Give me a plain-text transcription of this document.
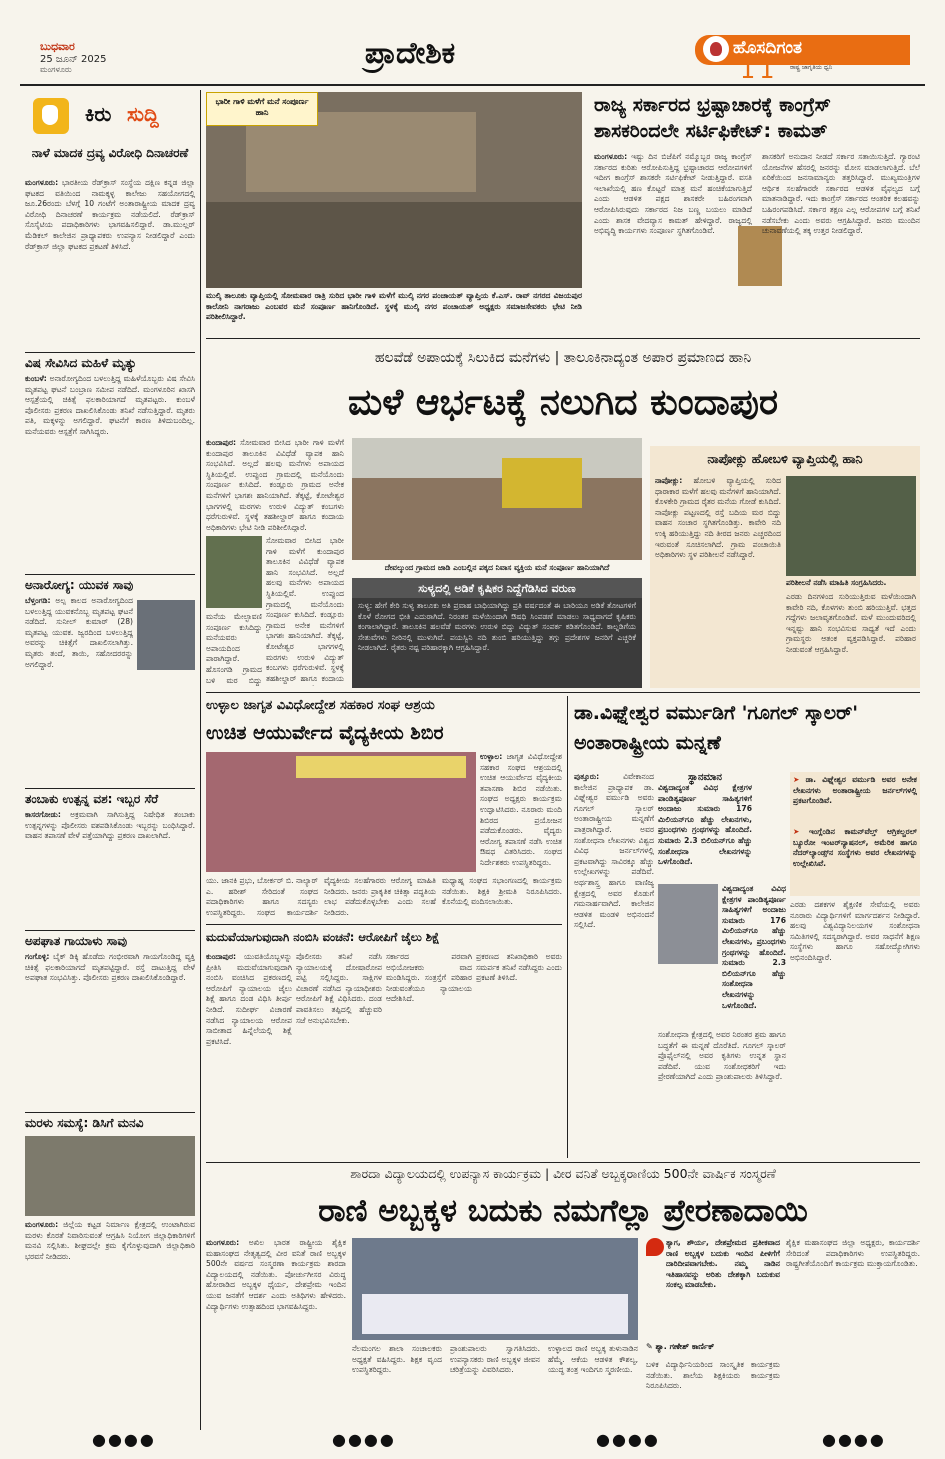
ಬುಧವಾರ
25 ಜೂನ್ 2025
ಮಂಗಳೂರು	ಪ್ರಾದೇಶಿಕ	ಹೊಸದಿಗಂತ
ರಾಷ್ಟ್ರ ಜಾಗೃತಿಯ ಧ್ವನಿ
11
ಕಿರು ಸುದ್ದಿ
ನಾಳೆ ಮಾದಕ ದ್ರವ್ಯ ವಿರೋಧಿ ದಿನಾಚರಣೆ
ಮಂಗಳೂರು: ಭಾರತೀಯ ರೆಡ್‌ಕ್ರಾಸ್ ಸಂಸ್ಥೆಯ ದಕ್ಷಿಣ ಕನ್ನಡ ಜಿಲ್ಲಾ ಘಟಕದ ವತಿಯಿಂದ ನಾಮಕ್ಕಳ್ಳ ಕಾಲೇಜು ಸಹಯೋಗದಲ್ಲಿ ಜೂ.26ರಂದು ಬೆಳಗ್ಗೆ 10 ಗಂಟೆಗೆ ಅಂತಾರಾಷ್ಟ್ರೀಯ ಮಾದಕ ದ್ರವ್ಯ ವಿರೋಧಿ ದಿನಾಚರಣೆ ಕಾರ್ಯಕ್ರಮ ನಡೆಯಲಿದೆ. ರೆಡ್‌ಕ್ರಾಸ್ ಸೊಸೈಟಿಯ ಪದಾಧಿಕಾರಿಗಳು ಭಾಗವಹಿಸಲಿದ್ದಾರೆ. ಡಾ.ಮುಲ್ಲರ್ ಮೆಡಿಕಲ್ ಕಾಲೇಜಿನ ಪ್ರಾಧ್ಯಾಪಕರು ಉಪನ್ಯಾಸ ನೀಡಲಿದ್ದಾರೆ ಎಂದು ರೆಡ್‌ಕ್ರಾಸ್ ಜಿಲ್ಲಾ ಘಟಕದ ಪ್ರಕಟಣೆ ತಿಳಿಸಿದೆ.
ವಿಷ ಸೇವಿಸಿದ ಮಹಿಳೆ ಮೃತ್ಯು
ಕುಂಬಳೆ: ಅನಾರೋಗ್ಯದಿಂದ ಬಳಲುತ್ತಿದ್ದ ಮಹಿಳೆಯೊಬ್ಬರು ವಿಷ ಸೇವಿಸಿ ಮೃತಪಟ್ಟ ಘಟನೆ ಬಂಬ್ರಾಣ ಸಮೀಪ ನಡೆದಿದೆ. ಮಂಗಳೂರಿನ ಖಾಸಗಿ ಆಸ್ಪತ್ರೆಯಲ್ಲಿ ಚಿಕಿತ್ಸೆ ಫಲಕಾರಿಯಾಗದೆ ಮೃತಪಟ್ಟರು. ಕುಂಬಳೆ ಪೊಲೀಸರು ಪ್ರಕರಣ ದಾಖಲಿಸಿಕೊಂಡು ತನಿಖೆ ನಡೆಸುತ್ತಿದ್ದಾರೆ. ಮೃತರು ಪತಿ, ಮಕ್ಕಳನ್ನು ಅಗಲಿದ್ದಾರೆ. ಘಟನೆಗೆ ಕಾರಣ ತಿಳಿದುಬಂದಿಲ್ಲ. ಮನೆಯವರು ಆಸ್ಪತ್ರೆಗೆ ಸಾಗಿಸಿದ್ದರು.
ಅನಾರೋಗ್ಯ: ಯುವಕ ಸಾವು
ಬೆಳ್ತಂಗಡಿ: ಅಲ್ಪ ಕಾಲದ ಅನಾರೋಗ್ಯದಿಂದ ಬಳಲುತ್ತಿದ್ದ ಯುವಕನೊಬ್ಬ ಮೃತಪಟ್ಟ ಘಟನೆ ನಡೆದಿದೆ. ಸುನೀಲ್ ಕುಮಾರ್ (28) ಮೃತಪಟ್ಟ ಯುವಕ. ಜ್ವರದಿಂದ ಬಳಲುತ್ತಿದ್ದ ಅವರನ್ನು ಚಿಕಿತ್ಸೆಗೆ ದಾಖಲಿಸಲಾಗಿತ್ತು. ಮೃತರು ತಂದೆ, ತಾಯಿ, ಸಹೋದರರನ್ನು ಅಗಲಿದ್ದಾರೆ.
ತಂಬಾಕು ಉತ್ಪನ್ನ ವಶ: ಇಬ್ಬರ ಸೆರೆ
ಕಾಸರಗೋಡು: ಅಕ್ರಮವಾಗಿ ಸಾಗಿಸುತ್ತಿದ್ದ ನಿಷೇಧಿತ ತಂಬಾಕು ಉತ್ಪನ್ನಗಳನ್ನು ಪೊಲೀಸರು ವಶಪಡಿಸಿಕೊಂಡು ಇಬ್ಬರನ್ನು ಬಂಧಿಸಿದ್ದಾರೆ. ವಾಹನ ತಪಾಸಣೆ ವೇಳೆ ಪತ್ತೆಯಾಗಿದ್ದು ಪ್ರಕರಣ ದಾಖಲಾಗಿದೆ.
ಅಪಘಾತ ಗಾಯಾಳು ಸಾವು
ಗಂಗೊಳ್ಳಿ: ಬೈಕ್ ಡಿಕ್ಕಿ ಹೊಡೆದು ಗಂಭೀರವಾಗಿ ಗಾಯಗೊಂಡಿದ್ದ ವ್ಯಕ್ತಿ ಚಿಕಿತ್ಸೆ ಫಲಕಾರಿಯಾಗದೆ ಮೃತಪಟ್ಟಿದ್ದಾರೆ. ರಸ್ತೆ ದಾಟುತ್ತಿದ್ದ ವೇಳೆ ಅಪಘಾತ ಸಂಭವಿಸಿತ್ತು. ಪೊಲೀಸರು ಪ್ರಕರಣ ದಾಖಲಿಸಿಕೊಂಡಿದ್ದಾರೆ.
ಮರಳು ಸಮಸ್ಯೆ: ಡಿಸಿಗೆ ಮನವಿ
ಮಂಗಳೂರು: ಜಿಲ್ಲೆಯ ಕಟ್ಟಡ ನಿರ್ಮಾಣ ಕ್ಷೇತ್ರದಲ್ಲಿ ಉಂಟಾಗಿರುವ ಮರಳು ಕೊರತೆ ನಿವಾರಿಸುವಂತೆ ಆಗ್ರಹಿಸಿ ನಿಯೋಗ ಜಿಲ್ಲಾಧಿಕಾರಿಗಳಿಗೆ ಮನವಿ ಸಲ್ಲಿಸಿತು. ಶೀಘ್ರದಲ್ಲೇ ಕ್ರಮ ಕೈಗೊಳ್ಳುವುದಾಗಿ ಜಿಲ್ಲಾಧಿಕಾರಿ ಭರವಸೆ ನೀಡಿದರು.
ಭಾರೀ ಗಾಳಿ ಮಳೆಗೆ ಮನೆ ಸಂಪೂರ್ಣ ಹಾನಿ
ಮುಲ್ಕಿ ತಾಲೂಕು ವ್ಯಾಪ್ತಿಯಲ್ಲಿ ಸೋಮವಾರ ರಾತ್ರಿ ಸುರಿದ ಭಾರೀ ಗಾಳಿ ಮಳೆಗೆ ಮುಲ್ಕಿ ನಗರ ಪಂಚಾಯತ್ ವ್ಯಾಪ್ತಿಯ ಕೆ.ಎಸ್. ರಾವ್ ನಗರದ ವಿಜಯಪುರ ಕಾಲೋನಿ ನಾಗರಾಜು ಎಂಬವರ ಮನೆ ಸಂಪೂರ್ಣ ಹಾನಿಗೊಂಡಿದೆ. ಸ್ಥಳಕ್ಕೆ ಮುಲ್ಕಿ ನಗರ ಪಂಚಾಯತ್ ಅಧ್ಯಕ್ಷರು ಸಮಾಜಸೇವಕರು ಭೇಟಿ ನೀಡಿ ಪರಿಶೀಲಿಸಿದ್ದಾರೆ.
ರಾಜ್ಯ ಸರ್ಕಾರದ ಭ್ರಷ್ಟಾಚಾರಕ್ಕೆ ಕಾಂಗ್ರೆಸ್ ಶಾಸಕರಿಂದಲೇ ಸರ್ಟಿಫಿಕೇಟ್: ಕಾಮತ್
ಮಂಗಳೂರು: ಇಷ್ಟು ದಿನ ಬಿಜೆಪಿಗೆ ನಮ್ಮೊಬ್ಬರ ರಾಜ್ಯ ಕಾಂಗ್ರೆಸ್ ಸರ್ಕಾರದ ಕುರಿತು ಆರೋಪಿಸುತ್ತಿದ್ದ ಭ್ರಷ್ಟಾಚಾರದ ಆರೋಪಗಳಿಗೆ ಇದೀಗ ಕಾಂಗ್ರೆಸ್ ಶಾಸಕರೇ ಸರ್ಟಿಫಿಕೇಟ್ ನೀಡುತ್ತಿದ್ದಾರೆ. ವಸತಿ ಇಲಾಖೆಯಲ್ಲಿ ಹಣ ಕೊಟ್ಟರೆ ಮಾತ್ರ ಮನೆ ಹಂಚಿಕೆಯಾಗುತ್ತಿದೆ ಎಂದು ಆಡಳಿತ ಪಕ್ಷದ ಶಾಸಕರೇ ಬಹಿರಂಗವಾಗಿ ಆರೋಪಿಸಿರುವುದು ಸರ್ಕಾರದ ನಿಜ ಬಣ್ಣ ಬಯಲು ಮಾಡಿದೆ ಎಂದು ಶಾಸಕ ವೇದವ್ಯಾಸ ಕಾಮತ್ ಹೇಳಿದ್ದಾರೆ. ರಾಜ್ಯದಲ್ಲಿ ಅಭಿವೃದ್ಧಿ ಕಾರ್ಯಗಳು ಸಂಪೂರ್ಣ ಸ್ಥಗಿತಗೊಂಡಿವೆ.
ಶಾಸಕರಿಗೆ ಅನುದಾನ ನೀಡದೆ ಸರ್ಕಾರ ಸತಾಯಿಸುತ್ತಿದೆ. ಗ್ಯಾರಂಟಿ ಯೋಜನೆಗಳ ಹೆಸರಲ್ಲಿ ಜನರನ್ನು ಮೋಸ ಮಾಡಲಾಗುತ್ತಿದೆ. ಬೆಲೆ ಏರಿಕೆಯಿಂದ ಜನಸಾಮಾನ್ಯರು ತತ್ತರಿಸಿದ್ದಾರೆ. ಮುಖ್ಯಮಂತ್ರಿಗಳ ಆರ್ಥಿಕ ಸಲಹೆಗಾರರೇ ಸರ್ಕಾರದ ಆಡಳಿತ ವೈಫಲ್ಯದ ಬಗ್ಗೆ ಮಾತನಾಡಿದ್ದಾರೆ. ಇದು ಕಾಂಗ್ರೆಸ್ ಸರ್ಕಾರದ ಆಂತರಿಕ ಕಲಹವನ್ನು ಬಹಿರಂಗಪಡಿಸಿದೆ. ಸರ್ಕಾರ ತಕ್ಷಣ ಎಲ್ಲ ಆರೋಪಗಳ ಬಗ್ಗೆ ತನಿಖೆ ನಡೆಸಬೇಕು ಎಂದು ಅವರು ಆಗ್ರಹಿಸಿದ್ದಾರೆ. ಜನರು ಮುಂದಿನ ಚುನಾವಣೆಯಲ್ಲಿ ತಕ್ಕ ಉತ್ತರ ನೀಡಲಿದ್ದಾರೆ.
ಹಲವೆಡೆ ಅಪಾಯಕ್ಕೆ ಸಿಲುಕಿದ ಮನೆಗಳು | ತಾಲೂಕಿನಾದ್ಯಂತ ಅಪಾರ ಪ್ರಮಾಣದ ಹಾನಿ
ಮಳೆ ಆರ್ಭಟಕ್ಕೆ ನಲುಗಿದ ಕುಂದಾಪುರ
ಕುಂದಾಪುರ: ಸೋಮವಾರ ಬೀಸಿದ ಭಾರೀ ಗಾಳಿ ಮಳೆಗೆ ಕುಂದಾಪುರ ತಾಲೂಕಿನ ವಿವಿಧೆಡೆ ವ್ಯಾಪಕ ಹಾನಿ ಸಂಭವಿಸಿದೆ. ಅಲ್ಲದೆ ಹಲವು ಮನೆಗಳು ಅಪಾಯದ ಸ್ಥಿತಿಯಲ್ಲಿವೆ. ಉಪ್ಪುಂದ ಗ್ರಾಮದಲ್ಲಿ ಮನೆಯೊಂದು ಸಂಪೂರ್ಣ ಕುಸಿದಿದೆ. ಕಂಡ್ಲೂರು ಗ್ರಾಮದ ಅನೇಕ ಮನೆಗಳಿಗೆ ಭಾಗಶಃ ಹಾನಿಯಾಗಿದೆ. ತೆಕ್ಕಟ್ಟೆ, ಕೋಟೇಶ್ವರ ಭಾಗಗಳಲ್ಲಿ ಮರಗಳು ಉರುಳಿ ವಿದ್ಯುತ್ ಕಂಬಗಳು ಧರೆಗುರುಳಿವೆ. ಸ್ಥಳಕ್ಕೆ ತಹಶೀಲ್ದಾರ್ ಹಾಗೂ ಕಂದಾಯ ಅಧಿಕಾರಿಗಳು ಭೇಟಿ ನೀಡಿ ಪರಿಶೀಲಿಸಿದ್ದಾರೆ.
ಸೋಮವಾರ ಬೀಸಿದ ಭಾರೀ ಗಾಳಿ ಮಳೆಗೆ ಕುಂದಾಪುರ ತಾಲೂಕಿನ ವಿವಿಧೆಡೆ ವ್ಯಾಪಕ ಹಾನಿ ಸಂಭವಿಸಿದೆ. ಅಲ್ಲದೆ ಹಲವು ಮನೆಗಳು ಅಪಾಯದ ಸ್ಥಿತಿಯಲ್ಲಿವೆ. ಉಪ್ಪುಂದ ಗ್ರಾಮದಲ್ಲಿ ಮನೆಯೊಂದು ಸಂಪೂರ್ಣ ಕುಸಿದಿದೆ. ಕಂಡ್ಲೂರು ಗ್ರಾಮದ ಅನೇಕ ಮನೆಗಳಿಗೆ ಭಾಗಶಃ ಹಾನಿಯಾಗಿದೆ. ತೆಕ್ಕಟ್ಟೆ, ಕೋಟೇಶ್ವರ ಭಾಗಗಳಲ್ಲಿ ಮರಗಳು ಉರುಳಿ ವಿದ್ಯುತ್ ಕಂಬಗಳು ಧರೆಗುರುಳಿವೆ. ಸ್ಥಳಕ್ಕೆ ತಹಶೀಲ್ದಾರ್ ಹಾಗೂ ಕಂದಾಯ
ಮನೆಯ ಮೇಲ್ಛಾವಣಿ ಸಂಪೂರ್ಣ ಕುಸಿದಿದ್ದು ಮನೆಯವರು ಅಪಾಯದಿಂದ ಪಾರಾಗಿದ್ದಾರೆ. ಹೊಸಂಗಡಿ ಗ್ರಾಮದ ಬಳಿ ಮರ ಬಿದ್ದು
ದೇವಲ್ಕುಂದ ಗ್ರಾಮದ ಜಾಡಿ ಎಂಬಲ್ಲಿನ ಪಕ್ಕದ ನಿವಾಸ ವ್ಯಕ್ತಿಯ ಮನೆ ಸಂಪೂರ್ಣ ಹಾನಿಯಾಗಿದೆ
ಸುಳ್ಯದಲ್ಲಿ ಅಡಿಕೆ ಕೃಷಿಕರ ನಿದ್ದೆಗೆಡಿಸಿದ ವರುಣ
ಸುಳ್ಯ: ಹೇಗೆ ಕೇರಿ ಸುಳ್ಯ ತಾಲೂಕು ಅತಿ ಪ್ರವಾಹ ಬಾಧಿಯಾಗಿದ್ದು ಪ್ರತಿ ವರ್ಷದಂತೆ ಈ ಬಾರಿಯೂ ಅಡಿಕೆ ತೋಟಗಳಿಗೆ ಕೊಳೆ ರೋಗದ ಭೀತಿ ಎದುರಾಗಿದೆ. ನಿರಂತರ ಮಳೆಯಿಂದಾಗಿ ಔಷಧಿ ಸಿಂಪಡಣೆ ಮಾಡಲು ಸಾಧ್ಯವಾಗದೆ ಕೃಷಿಕರು ಕಂಗಾಲಾಗಿದ್ದಾರೆ. ತಾಲೂಕಿನ ಹಲವೆಡೆ ಮರಗಳು ಉರುಳಿ ಬಿದ್ದು ವಿದ್ಯುತ್ ಸಂಪರ್ಕ ಕಡಿತಗೊಂಡಿದೆ. ಕಾಲ್ನಡಿಗೆಯ ಸೇತುವೆಗಳು ನೀರಿನಲ್ಲಿ ಮುಳುಗಿವೆ. ಪಯಸ್ವಿನಿ ನದಿ ತುಂಬಿ ಹರಿಯುತ್ತಿದ್ದು ತಗ್ಗು ಪ್ರದೇಶಗಳ ಜನರಿಗೆ ಎಚ್ಚರಿಕೆ ನೀಡಲಾಗಿದೆ. ರೈತರು ನಷ್ಟ ಪರಿಹಾರಕ್ಕಾಗಿ ಆಗ್ರಹಿಸಿದ್ದಾರೆ.
ನಾಪೋಕ್ಲು ಹೋಬಳಿ ವ್ಯಾಪ್ತಿಯಲ್ಲಿ ಹಾನಿ
ನಾಪೋಕ್ಲು: ಹೋಬಳಿ ವ್ಯಾಪ್ತಿಯಲ್ಲಿ ಸುರಿದ ಧಾರಾಕಾರ ಮಳೆಗೆ ಹಲವು ಮನೆಗಳಿಗೆ ಹಾನಿಯಾಗಿದೆ. ಕೊಳಕೇರಿ ಗ್ರಾಮದ ರೈತರ ಮನೆಯ ಗೋಡೆ ಕುಸಿದಿದೆ. ನಾಪೋಕ್ಲು ಪಟ್ಟಣದಲ್ಲಿ ರಸ್ತೆ ಬದಿಯ ಮರ ಬಿದ್ದು ವಾಹನ ಸಂಚಾರ ಸ್ಥಗಿತಗೊಂಡಿತ್ತು. ಕಾವೇರಿ ನದಿ ಉಕ್ಕಿ ಹರಿಯುತ್ತಿದ್ದು ನದಿ ತೀರದ ಜನರು ಎಚ್ಚರದಿಂದ ಇರುವಂತೆ ಸೂಚಿಸಲಾಗಿದೆ. ಗ್ರಾಮ ಪಂಚಾಯಿತಿ ಅಧಿಕಾರಿಗಳು ಸ್ಥಳ ಪರಿಶೀಲನೆ ನಡೆಸಿದ್ದಾರೆ.
ಪರಿಶೀಲನೆ ನಡೆಸಿ ಮಾಹಿತಿ ಸಂಗ್ರಹಿಸಿದರು.
ಎರಡು ದಿನಗಳಿಂದ ಸುರಿಯುತ್ತಿರುವ ಮಳೆಯಿಂದಾಗಿ ಕಾವೇರಿ ನದಿ, ಕೊಳಗಳು ತುಂಬಿ ಹರಿಯುತ್ತಿವೆ. ಭತ್ತದ ಗದ್ದೆಗಳು ಜಲಾವೃತಗೊಂಡಿವೆ. ಮಳೆ ಮುಂದುವರಿದಲ್ಲಿ ಇನ್ನಷ್ಟು ಹಾನಿ ಸಂಭವಿಸುವ ಸಾಧ್ಯತೆ ಇದೆ ಎಂದು ಗ್ರಾಮಸ್ಥರು ಆತಂಕ ವ್ಯಕ್ತಪಡಿಸಿದ್ದಾರೆ. ಪರಿಹಾರ ನೀಡುವಂತೆ ಆಗ್ರಹಿಸಿದ್ದಾರೆ.
ಉಳ್ಳಾಲ ಜಾಗೃತ ವಿವಿಧೋದ್ದೇಶ ಸಹಕಾರ ಸಂಘ ಆಶ್ರಯ
ಉಚಿತ ಆಯುರ್ವೇದ ವೈದ್ಯಕೀಯ ಶಿಬಿರ
ಉಳ್ಳಾಲ: ಜಾಗೃತ ವಿವಿಧೋದ್ದೇಶ ಸಹಕಾರ ಸಂಘದ ಆಶ್ರಯದಲ್ಲಿ ಉಚಿತ ಆಯುರ್ವೇದ ವೈದ್ಯಕೀಯ ತಪಾಸಣಾ ಶಿಬಿರ ನಡೆಯಿತು. ಸಂಘದ ಅಧ್ಯಕ್ಷರು ಕಾರ್ಯಕ್ರಮ ಉದ್ಘಾಟಿಸಿದರು. ನೂರಾರು ಮಂದಿ ಶಿಬಿರದ ಪ್ರಯೋಜನ ಪಡೆದುಕೊಂಡರು. ವೈದ್ಯರು ಆರೋಗ್ಯ ತಪಾಸಣೆ ನಡೆಸಿ ಉಚಿತ ಔಷಧ ವಿತರಿಸಿದರು. ಸಂಘದ ನಿರ್ದೇಶಕರು ಉಪಸ್ಥಿತರಿದ್ದರು.
ಯು. ಜಾನಕಿ ಪ್ರಭು, ಬೋರ್ಕರ್ ಬಿ. ನಾಲ್ಯಾರ್ ಎ. ಹರೀಶ್ ಸೇರಿದಂತೆ ಸಂಘದ ಪದಾಧಿಕಾರಿಗಳು ಹಾಗೂ ಸದಸ್ಯರು ಉಪಸ್ಥಿತರಿದ್ದರು. ಸಂಘದ ಕಾರ್ಯದರ್ಶಿ
ವೈದ್ಯಕೀಯ ಸಲಹೆಗಾರರು ಆರೋಗ್ಯ ಮಾಹಿತಿ ನೀಡಿದರು. ಜನರು ಪ್ರಾಕೃತಿಕ ಚಿಕಿತ್ಸಾ ಪದ್ಧತಿಯ ಲಾಭ ಪಡೆದುಕೊಳ್ಳಬೇಕು ಎಂದು ಸಲಹೆ ನೀಡಿದರು.
ಮಧ್ಯಾಹ್ನ ಸಂಘದ ಸಭಾಂಗಣದಲ್ಲಿ ಕಾರ್ಯಕ್ರಮ ನಡೆಯಿತು. ಶಿಕ್ಷಕಿ ಶ್ರೀಮತಿ ನಿರೂಪಿಸಿದರು. ಕೊನೆಯಲ್ಲಿ ವಂದಿಸಲಾಯಿತು.
ಡಾ.ವಿಘ್ನೇಶ್ವರ ವರ್ಮುಡಿಗೆ 'ಗೂಗಲ್ ಸ್ಕಾಲರ್' ಅಂತಾರಾಷ್ಟ್ರೀಯ ಮನ್ನಣೆ
ಪುತ್ತೂರು:	ವಿವೇಕಾನಂದ ಕಾಲೇಜಿನ ಪ್ರಾಧ್ಯಾಪಕ ಡಾ. ವಿಘ್ನೇಶ್ವರ ವರ್ಮುಡಿ ಅವರು ಗೂಗಲ್ ಸ್ಕಾಲರ್ ಅಂತಾರಾಷ್ಟ್ರೀಯ ಮನ್ನಣೆಗೆ ಪಾತ್ರರಾಗಿದ್ದಾರೆ. ಅವರ ಸಂಶೋಧನಾ ಲೇಖನಗಳು ವಿಶ್ವದ ವಿವಿಧ ಜರ್ನಲ್‌ಗಳಲ್ಲಿ ಪ್ರಕಟವಾಗಿದ್ದು ಸಾವಿರಕ್ಕೂ ಹೆಚ್ಚು ಉಲ್ಲೇಖಗಳನ್ನು ಪಡೆದಿವೆ. ಅರ್ಥಶಾಸ್ತ್ರ ಹಾಗೂ ವಾಣಿಜ್ಯ ಕ್ಷೇತ್ರದಲ್ಲಿ ಅವರ ಕೊಡುಗೆ ಗಮನಾರ್ಹವಾಗಿದೆ. ಕಾಲೇಜಿನ ಆಡಳಿತ ಮಂಡಳಿ ಅಭಿನಂದನೆ ಸಲ್ಲಿಸಿದೆ.
ಸ್ಥಾನಮಾನ
ವಿಶ್ವದಾದ್ಯಂತ ವಿವಿಧ ಕ್ಷೇತ್ರಗಳ ಪಾಂಡಿತ್ಯಪೂರ್ಣ ಸಾಹಿತ್ಯಗಳಿಗೆ ಅಂದಾಜು ಸುಮಾರು 176 ಮಿಲಿಯನ್‌ಗೂ ಹೆಚ್ಚು ಲೇಖನಗಳು, ಪ್ರಬಂಧಗಳು ಗ್ರಂಥಗಳನ್ನು ಹೊಂದಿದೆ. ಸುಮಾರು 2.3 ಬಿಲಿಯನ್‌ಗೂ ಹೆಚ್ಚು ಸಂಶೋಧನಾ ಲೇಖನಗಳನ್ನು ಒಳಗೊಂಡಿದೆ.
ವಿಶ್ವದಾದ್ಯಂತ ವಿವಿಧ ಕ್ಷೇತ್ರಗಳ ಪಾಂಡಿತ್ಯಪೂರ್ಣ ಸಾಹಿತ್ಯಗಳಿಗೆ ಅಂದಾಜು ಸುಮಾರು 176 ಮಿಲಿಯನ್‌ಗೂ ಹೆಚ್ಚು ಲೇಖನಗಳು, ಪ್ರಬಂಧಗಳು ಗ್ರಂಥಗಳನ್ನು ಹೊಂದಿದೆ. ಸುಮಾರು 2.3 ಬಿಲಿಯನ್‌ಗೂ ಹೆಚ್ಚು ಸಂಶೋಧನಾ ಲೇಖನಗಳನ್ನು ಒಳಗೊಂಡಿದೆ.
➤ ಡಾ. ವಿಘ್ನೇಶ್ವರ ವರ್ಮುಡಿ ಅವರ ಅನೇಕ ಲೇಖನಗಳು ಅಂತಾರಾಷ್ಟ್ರೀಯ ಜರ್ನಲ್‌ಗಳಲ್ಲಿ ಪ್ರಕಟಗೊಂಡಿವೆ.
➤ ಇಂಗ್ಲೆಂಡಿನ ಕಾಮನ್‌ವೆಲ್ತ್ ಆಗ್ರಿಕಲ್ಚರಲ್ ಬ್ಯೂರೋ ಇಂಟರ್‌ನ್ಯಾಷನಲ್, ಅಮೆರಿಕ ಹಾಗೂ ನೆದರ್‌ಲ್ಯಾಂಡ್ಸ್‌ನ ಸಂಸ್ಥೆಗಳು ಅವರ ಲೇಖನಗಳನ್ನು ಉಲ್ಲೇಖಿಸಿವೆ.
ಎರಡು ದಶಕಗಳ ಶೈಕ್ಷಣಿಕ ಸೇವೆಯಲ್ಲಿ ಅವರು ನೂರಾರು ವಿದ್ಯಾರ್ಥಿಗಳಿಗೆ ಮಾರ್ಗದರ್ಶನ ನೀಡಿದ್ದಾರೆ. ಹಲವು ವಿಶ್ವವಿದ್ಯಾನಿಲಯಗಳ ಸಂಶೋಧನಾ ಸಮಿತಿಗಳಲ್ಲಿ ಸದಸ್ಯರಾಗಿದ್ದಾರೆ. ಅವರ ಸಾಧನೆಗೆ ಶಿಕ್ಷಣ ಸಂಸ್ಥೆಗಳು ಹಾಗೂ ಸಹೋದ್ಯೋಗಿಗಳು ಅಭಿನಂದಿಸಿದ್ದಾರೆ.
ಸಂಶೋಧನಾ ಕ್ಷೇತ್ರದಲ್ಲಿ ಅವರ ನಿರಂತರ ಶ್ರಮ ಹಾಗೂ ಬದ್ಧತೆಗೆ ಈ ಮನ್ನಣೆ ದೊರೆತಿದೆ. ಗೂಗಲ್ ಸ್ಕಾಲರ್ ಪ್ರೊಫೈಲ್‌ನಲ್ಲಿ ಅವರ ಕೃತಿಗಳು ಉನ್ನತ ಸ್ಥಾನ ಪಡೆದಿವೆ. ಯುವ ಸಂಶೋಧಕರಿಗೆ ಇದು ಪ್ರೇರಣೆಯಾಗಿದೆ ಎಂದು ಪ್ರಾಂಶುಪಾಲರು ತಿಳಿಸಿದ್ದಾರೆ.
ಮದುವೆಯಾಗುವುದಾಗಿ ನಂಬಿಸಿ ವಂಚನೆ: ಆರೋಪಿಗೆ ಜೈಲು ಶಿಕ್ಷೆ
ಕುಂದಾಪುರ: ಯುವತಿಯೊಬ್ಬಳನ್ನು ಪ್ರೀತಿಸಿ ಮದುವೆಯಾಗುವುದಾಗಿ ನಂಬಿಸಿ ವಂಚಿಸಿದ ಪ್ರಕರಣದಲ್ಲಿ ಆರೋಪಿಗೆ ನ್ಯಾಯಾಲಯ ಜೈಲು ಶಿಕ್ಷೆ ಹಾಗೂ ದಂಡ ವಿಧಿಸಿ ತೀರ್ಪು ನೀಡಿದೆ. ಸುದೀರ್ಘ ವಿಚಾರಣೆ ನಡೆಸಿದ ನ್ಯಾಯಾಲಯ ಆರೋಪ ಸಾಬೀತಾದ ಹಿನ್ನೆಲೆಯಲ್ಲಿ ಶಿಕ್ಷೆ ಪ್ರಕಟಿಸಿದೆ.
ಪೊಲೀಸರು ತನಿಖೆ ನಡೆಸಿ ನ್ಯಾಯಾಲಯಕ್ಕೆ ದೋಷಾರೋಪ ಪಟ್ಟಿ ಸಲ್ಲಿಸಿದ್ದರು. ಸಾಕ್ಷಿಗಳ ವಿಚಾರಣೆ ನಡೆಸಿದ ನ್ಯಾಯಾಧೀಶರು ಆರೋಪಿಗೆ ಶಿಕ್ಷೆ ವಿಧಿಸಿದರು. ದಂಡ ಪಾವತಿಸಲು ತಪ್ಪಿದಲ್ಲಿ ಹೆಚ್ಚುವರಿ ಸಜೆ ಅನುಭವಿಸಬೇಕು.
ಸರ್ಕಾರದ ಪರವಾಗಿ ಅಭಿಯೋಜಕರು ವಾದ ಮಂಡಿಸಿದ್ದರು. ಸಂತ್ರಸ್ತೆಗೆ ಪರಿಹಾರ ನೀಡುವಂತೆಯೂ ನ್ಯಾಯಾಲಯ ಆದೇಶಿಸಿದೆ.
ಪ್ರಕರಣದ ತನಿಖಾಧಿಕಾರಿ ಅವರು ಸಮರ್ಪಕ ತನಿಖೆ ನಡೆಸಿದ್ದರು ಎಂದು ಪ್ರಕಟಣೆ ತಿಳಿಸಿದೆ.
ಶಾರದಾ ವಿದ್ಯಾಲಯದಲ್ಲಿ ಉಪನ್ಯಾಸ ಕಾರ್ಯಕ್ರಮ | ವೀರ ವನಿತೆ ಅಬ್ಬಕ್ಕರಾಣಿಯ 500ನೇ ವಾರ್ಷಿಕ ಸಂಸ್ಮರಣೆ
ರಾಣಿ ಅಬ್ಬಕ್ಕಳ ಬದುಕು ನಮಗೆಲ್ಲಾ ಪ್ರೇರಣಾದಾಯಿ
ಮಂಗಳೂರು: ಅಖಿಲ ಭಾರತ ರಾಷ್ಟ್ರೀಯ ಶೈಕ್ಷಿಕ ಮಹಾಸಂಘದ ನೇತೃತ್ವದಲ್ಲಿ ವೀರ ವನಿತೆ ರಾಣಿ ಅಬ್ಬಕ್ಕಳ 500ನೇ ವರ್ಷದ ಸಂಸ್ಮರಣಾ ಕಾರ್ಯಕ್ರಮ ಶಾರದಾ ವಿದ್ಯಾಲಯದಲ್ಲಿ ನಡೆಯಿತು. ಪೋರ್ಚುಗೀಸರ ವಿರುದ್ಧ ಹೋರಾಡಿದ ಅಬ್ಬಕ್ಕಳ ಧೈರ್ಯ, ದೇಶಪ್ರೇಮ ಇಂದಿನ ಯುವ ಜನತೆಗೆ ಆದರ್ಶ ಎಂದು ಅತಿಥಿಗಳು ಹೇಳಿದರು. ವಿದ್ಯಾರ್ಥಿಗಳು ಉತ್ಸಾಹದಿಂದ ಭಾಗವಹಿಸಿದ್ದರು.
ನೆಲಮಂಗಲ ಶಾಲಾ ಸಂಚಾಲಕರು ಅಧ್ಯಕ್ಷತೆ ವಹಿಸಿದ್ದರು. ಶಿಕ್ಷಕ ವೃಂದ ಉಪಸ್ಥಿತರಿದ್ದರು.
ಪ್ರಾಂಶುಪಾಲರು ಸ್ವಾಗತಿಸಿದರು. ಉಪನ್ಯಾಸಕರು ರಾಣಿ ಅಬ್ಬಕ್ಕಳ ಜೀವನ ಚರಿತ್ರೆಯನ್ನು ವಿವರಿಸಿದರು.
ಉಳ್ಳಾಲದ ರಾಣಿ ಅಬ್ಬಕ್ಕ ತುಳುನಾಡಿನ ಹೆಮ್ಮೆ. ಆಕೆಯ ಆಡಳಿತ ಕೌಶಲ್ಯ, ಯುದ್ಧ ತಂತ್ರ ಇಂದಿಗೂ ಸ್ಮರಣೀಯ.
ತ್ಯಾಗ, ಶೌರ್ಯ, ದೇಶಪ್ರೇಮದ ಪ್ರತೀಕವಾದ ರಾಣಿ ಅಬ್ಬಕ್ಕಳ ಬದುಕು ಇಂದಿನ ಪೀಳಿಗೆಗೆ ದಾರಿದೀಪವಾಗಬೇಕು. ನಮ್ಮ ನಾಡಿನ ಇತಿಹಾಸವನ್ನು ಅರಿತು ದೇಶಕ್ಕಾಗಿ ಬದುಕುವ ಸಂಕಲ್ಪ ಮಾಡಬೇಕು.
✎ ಶ್ಯಾ. ಗಣೇಶ್ ಕಾರ್ಣಿಕ್
ಬಳಿಕ ವಿದ್ಯಾರ್ಥಿನಿಯರಿಂದ ಸಾಂಸ್ಕೃತಿಕ ಕಾರ್ಯಕ್ರಮ ನಡೆಯಿತು. ಶಾಲೆಯ ಶಿಕ್ಷಕಿಯರು ಕಾರ್ಯಕ್ರಮ ನಿರೂಪಿಸಿದರು.
ಶೈಕ್ಷಿಕ ಮಹಾಸಂಘದ ಜಿಲ್ಲಾ ಅಧ್ಯಕ್ಷರು, ಕಾರ್ಯದರ್ಶಿ ಸೇರಿದಂತೆ ಪದಾಧಿಕಾರಿಗಳು ಉಪಸ್ಥಿತರಿದ್ದರು. ರಾಷ್ಟ್ರಗೀತೆಯೊಂದಿಗೆ ಕಾರ್ಯಕ್ರಮ ಮುಕ್ತಾಯಗೊಂಡಿತು.
●●●●	●●●●	●●●●	●●●●
